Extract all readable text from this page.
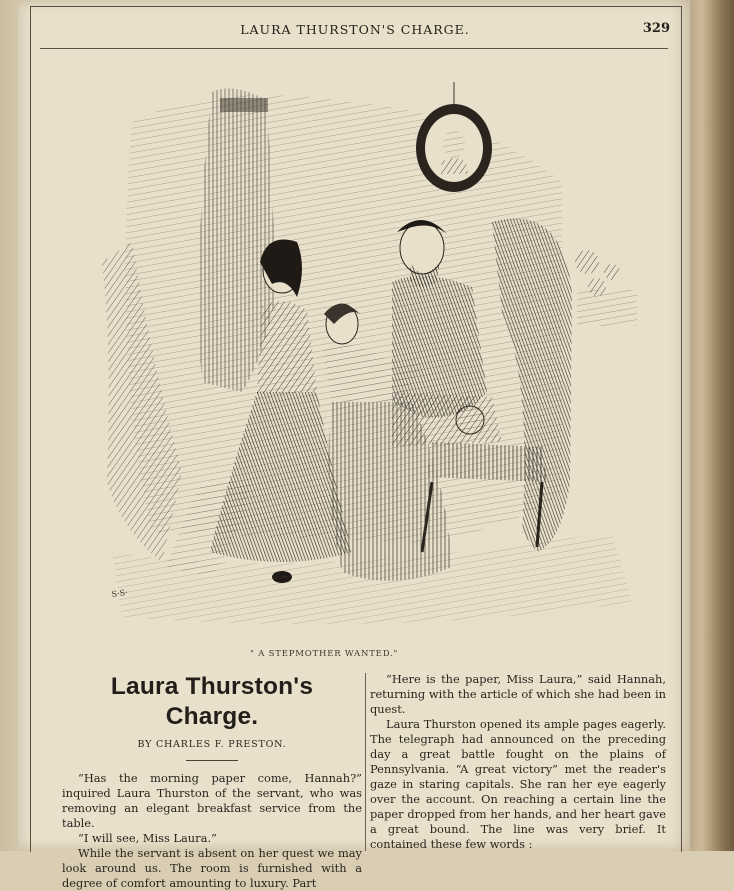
LAURA THURSTON'S CHARGE.	329
S·S·
" A STEPMOTHER WANTED."
Laura Thurston's Charge.
BY CHARLES F. PRESTON.

“Has the morning paper come, Hannah?” inquired Laura Thurston of the servant, who was removing an elegant breakfast service from the table.

“I will see, Miss Laura.”

While the servant is absent on her quest we may look around us. The room is furnished with a degree of comfort amounting to luxury. Part

“Here is the paper, Miss Laura,” said Hannah, returning with the article of which she had been in quest.

Laura Thurston opened its ample pages eagerly. The telegraph had announced on the preceding day a great battle fought on the plains of Pennsylvania. “A great victory” met the reader's gaze in staring capitals. She ran her eye eagerly over the account. On reaching a certain line the paper dropped from her hands, and her heart gave a great bound. The line was very brief. It contained these few words :
